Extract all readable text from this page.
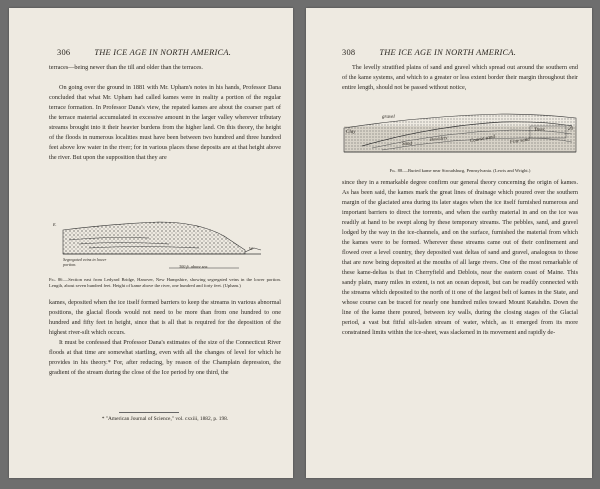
306	THE ICE AGE IN NORTH AMERICA.

terraces—being newer than the till and older than the terraces.

On going over the ground in 1881 with Mr. Upham's notes in his hands, Professor Dana concluded that what Mr. Upham had called kames were in reality a portion of the regular terrace formation. In Professor Dana's view, the repated kames are about the coarser part of the terrace material accumulated in excessive amount in the larger valley wherever tributary streams brought into it their heavier burdens from the higher land. On this theory, the height of the floods in numerous localities must have been between two hundred and three hundred feet above low water in the river; for in various places these deposits are at that height above the river. But upon the supposition that they are

E.
W.
Segregated veins in lower portion.	300 ft. above sea.

Fig. 86.—Section east from Ledyard Bridge, Hanover, New Hampshire, showing segregated veins in the lower portion. Length, about seven hundred feet. Height of kame above the river, one hundred and forty feet. (Upham.)

kames, deposited when the ice itself formed barriers to keep the streams in various abnormal positions, the glacial floods would not need to be more than from one hundred to one hundred and fifty feet in height, since that is all that is required for the deposition of the highest river-silt which occurs.

It must be confessed that Professor Dana's estimates of the size of the Connecticut River floods at that time are somewhat startling, even with all the changes of level for which he provides in his theory.* For, after reducing, by reason of the Champlain depression, the gradient of the stream during the close of the Ice period by one third, the

* "American Journal of Science," vol. cxxiii, 1882, p. 198.

308	THE ICE AGE IN NORTH AMERICA.

The levelly stratified plains of sand and gravel which spread out around the southern end of the kame systems, and which to a greater or less extent border their margin throughout their entire length, should not be passed without notice,

Clay
gravel
Sand
Coarse sand	Fine sand
Bowlders
Trees	20

Fig. 88.—Buried kame near Stroudsburg, Pennsylvania. (Lewis and Wright.)

since they in a remarkable degree confirm our general theory concerning the origin of kames. As has been said, the kames mark the great lines of drainage which poured over the southern margin of the glaciated area during its later stages when the ice itself furnished numerous and important barriers to direct the torrents, and when the earthy material in and on the ice was readily at hand to be swept along by these temporary streams. The pebbles, sand, and gravel lodged by the way in the ice-channels, and on the surface, furnished the material from which the kames were to be formed. Wherever these streams came out of their confinement and flowed over a level country, they deposited vast deltas of sand and gravel, analogous to those that are now being deposited at the mouths of all large rivers. One of the most remarkable of these kame-deltas is that in Cherryfield and Deblois, near the eastern coast of Maine. This sandy plain, many miles in extent, is not an ocean deposit, but can be readily connected with the streams which deposited to the north of it one of the largest belt of kames in the State, and whose course can be traced for nearly one hundred miles toward Mount Katahdin. Down the line of the kame there poured, between icy walls, during the closing stages of the Glacial period, a vast but fitful silt-laden stream of water, which, as it emerged from its more constrained limits within the ice-sheet, was slackened in its movement and rapidly de-
